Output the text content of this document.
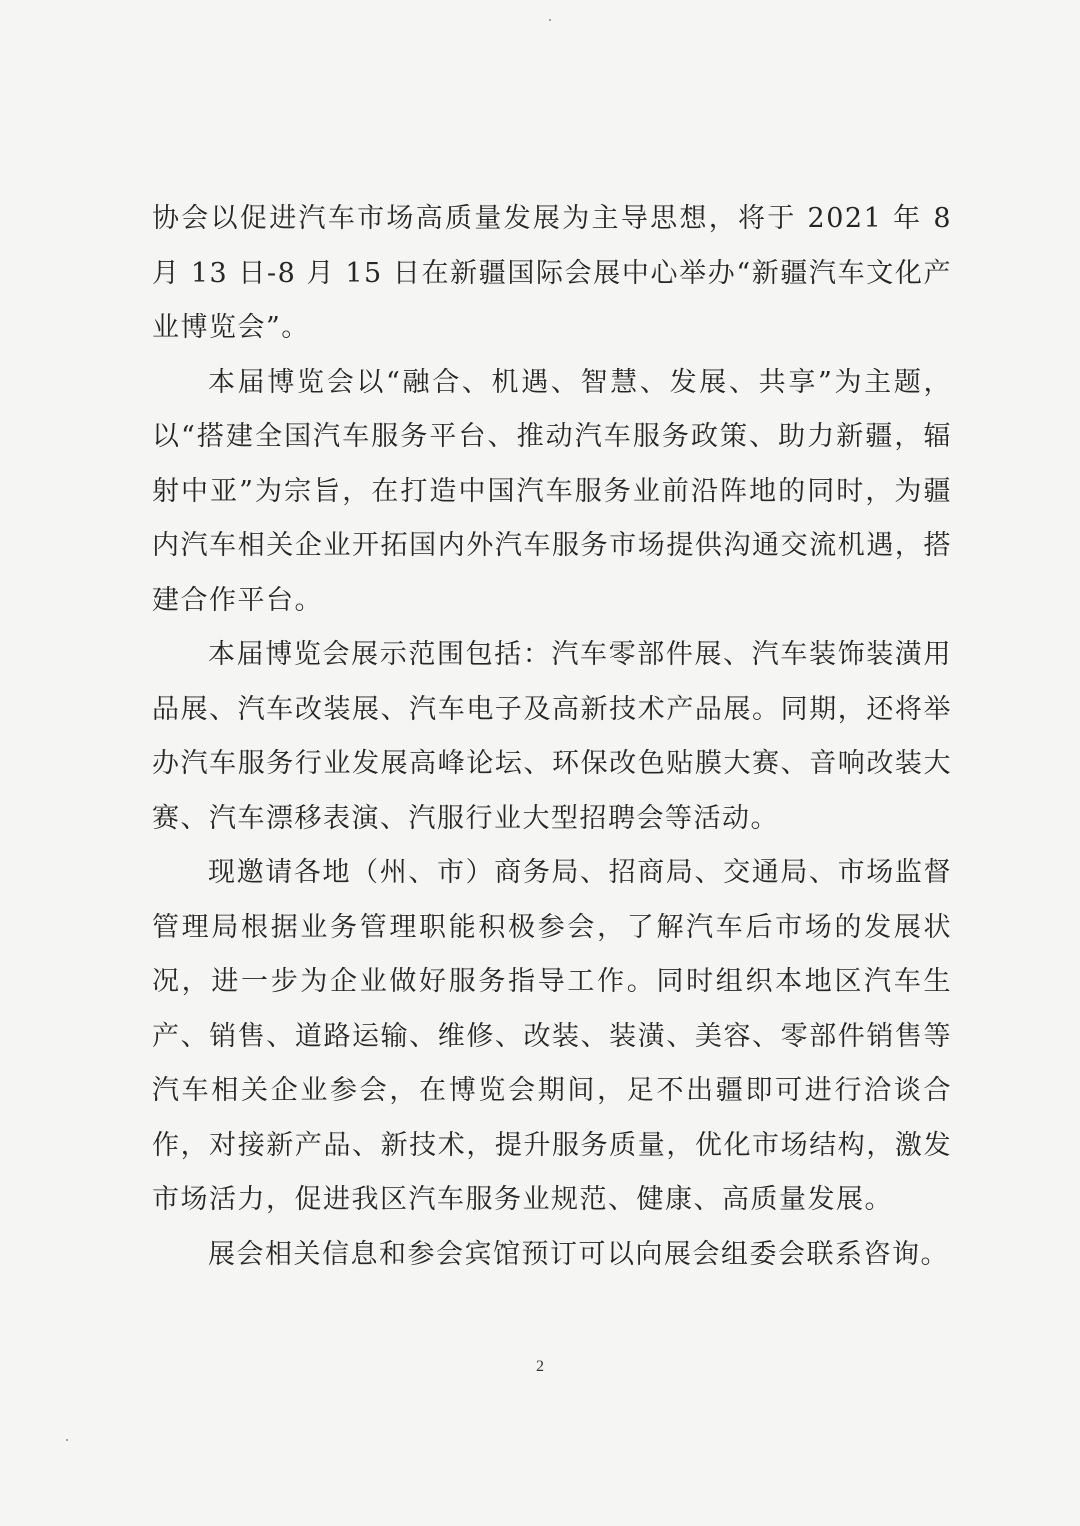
协会以促进汽车市场高质量发展为主导思想，将于 2021 年 8 月 13 日-8 月 15 日在新疆国际会展中心举办“新疆汽车文化产业博览会”。

本届博览会以“融合、机遇、智慧、发展、共享”为主题，以“搭建全国汽车服务平台、推动汽车服务政策、助力新疆，辐射中亚”为宗旨，在打造中国汽车服务业前沿阵地的同时，为疆内汽车相关企业开拓国内外汽车服务市场提供沟通交流机遇，搭建合作平台。

本届博览会展示范围包括：汽车零部件展、汽车装饰装潢用品展、汽车改装展、汽车电子及高新技术产品展。同期，还将举办汽车服务行业发展高峰论坛、环保改色贴膜大赛、音响改装大赛、汽车漂移表演、汽服行业大型招聘会等活动。

现邀请各地（州、市）商务局、招商局、交通局、市场监督管理局根据业务管理职能积极参会，了解汽车后市场的发展状况，进一步为企业做好服务指导工作。同时组织本地区汽车生产、销售、道路运输、维修、改装、装潢、美容、零部件销售等汽车相关企业参会，在博览会期间，足不出疆即可进行洽谈合作，对接新产品、新技术，提升服务质量，优化市场结构，激发市场活力，促进我区汽车服务业规范、健康、高质量发展。

展会相关信息和参会宾馆预订可以向展会组委会联系咨询。

2
